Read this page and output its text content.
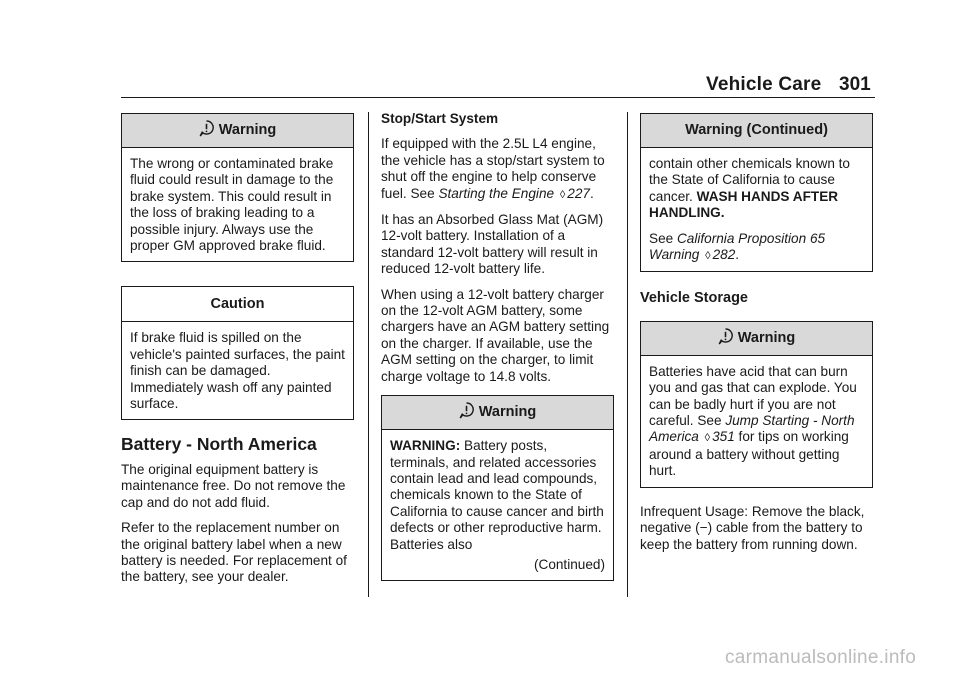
Vehicle Care 301
Warning

The wrong or contaminated brake fluid could result in damage to the brake system. This could result in the loss of braking leading to a possible injury. Always use the proper GM approved brake fluid.

Caution

If brake fluid is spilled on the vehicle's painted surfaces, the paint finish can be damaged. Immediately wash off any painted surface.

Battery - North America

The original equipment battery is maintenance free. Do not remove the cap and do not add fluid.

Refer to the replacement number on the original battery label when a new battery is needed. For replacement of the battery, see your dealer.

Stop/Start System

If equipped with the 2.5L L4 engine, the vehicle has a stop/start system to shut off the engine to help conserve fuel. See Starting the Engine ◊ 227.

It has an Absorbed Glass Mat (AGM) 12-volt battery. Installation of a standard 12-volt battery will result in reduced 12-volt battery life.

When using a 12-volt battery charger on the 12-volt AGM battery, some chargers have an AGM battery setting on the charger. If available, use the AGM setting on the charger, to limit charge voltage to 14.8 volts.

Warning

WARNING: Battery posts, terminals, and related accessories contain lead and lead compounds, chemicals known to the State of California to cause cancer and birth defects or other reproductive harm. Batteries also

(Continued)
Warning (Continued)

contain other chemicals known to the State of California to cause cancer. WASH HANDS AFTER HANDLING.

See California Proposition 65 Warning ◊ 282.

Vehicle Storage

Warning

Batteries have acid that can burn you and gas that can explode. You can be badly hurt if you are not careful. See Jump Starting - North America ◊ 351 for tips on working around a battery without getting hurt.

Infrequent Usage: Remove the black, negative (−) cable from the battery to keep the battery from running down.

carmanualsonline.info
